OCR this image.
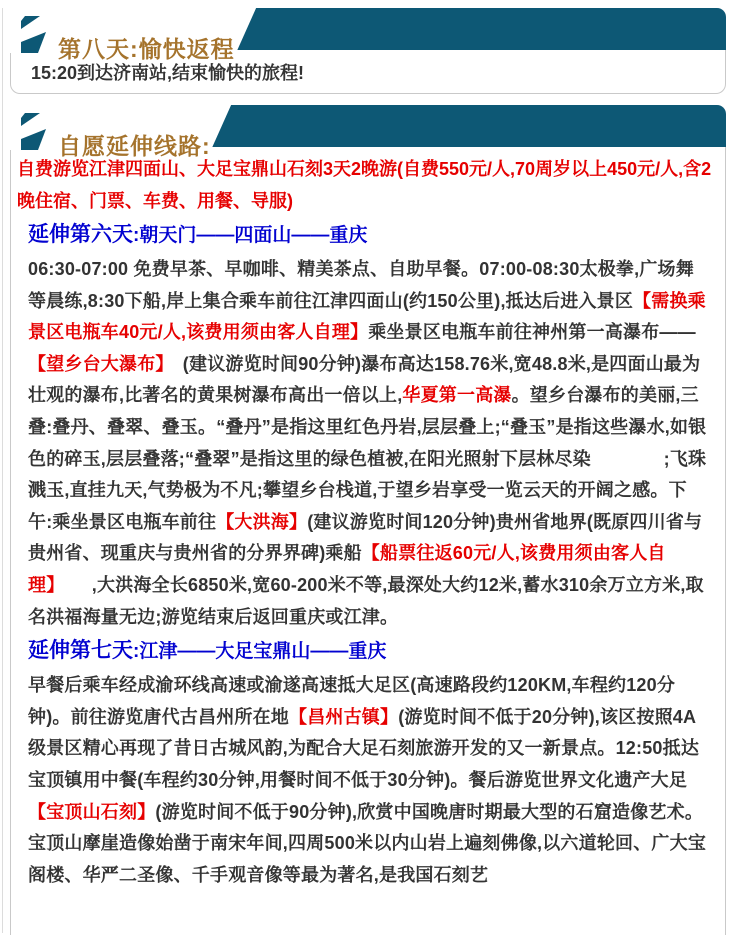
第八天:愉快返程

15:20到达济南站,结束愉快的旅程!

自愿延伸线路:

自费游览江津四面山、大足宝鼎山石刻3天2晚游(自费550元/人,70周岁以上450元/人,含2晚住宿、门票、车费、用餐、导服)

延伸第六天:朝天门——四面山——重庆

06:30-07:00 免费早茶、早咖啡、精美茶点、自助早餐。07:00-08:30太极拳,广场舞等晨练,8:30下船,岸上集合乘车前往江津四面山(约150公里),抵达后进入景区【需换乘景区电瓶车40元/人,该费用须由客人自理】乘坐景区电瓶车前往神州第一高瀑布——【望乡台大瀑布】　(建议游览时间90分钟)瀑布高达158.76米,宽48.8米,是四面山最为壮观的瀑布,比著名的黄果树瀑布高出一倍以上,华夏第一高瀑。望乡台瀑布的美丽,三叠:叠丹、叠翠、叠玉。“叠丹”是指这里红色丹岩,层层叠上;“叠玉”是指这些瀑水,如银色的碎玉,层层叠落;“叠翠”是指这里的绿色植被,在阳光照射下层林尽染　　　　;飞珠溅玉,直挂九天,气势极为不凡;攀望乡台栈道,于望乡岩享受一览云天的开阔之感。下午:乘坐景区电瓶车前往【大洪海】(建议游览时间120分钟)贵州省地界(既原四川省与贵州省、现重庆与贵州省的分界界碑)乘船【船票往返60元/人,该费用须由客人自理】　　,大洪海全长6850米,宽60-200米不等,最深处大约12米,蓄水310余万立方米,取名洪福海量无边;游览结束后返回重庆或江津。

延伸第七天:江津——大足宝鼎山——重庆

早餐后乘车经成渝环线高速或渝遂高速抵大足区(高速路段约120KM,车程约120分钟)。前往游览唐代古昌州所在地【昌州古镇】(游览时间不低于20分钟),该区按照4A级景区精心再现了昔日古城风韵,为配合大足石刻旅游开发的又一新景点。12:50抵达宝顶镇用中餐(车程约30分钟,用餐时间不低于30分钟)。餐后游览世界文化遗产大足【宝顶山石刻】(游览时间不低于90分钟),欣赏中国晚唐时期最大型的石窟造像艺术。宝顶山摩崖造像始凿于南宋年间,四周500米以内山岩上遍刻佛像,以六道轮回、广大宝阁楼、华严二圣像、千手观音像等最为著名,是我国石刻艺
